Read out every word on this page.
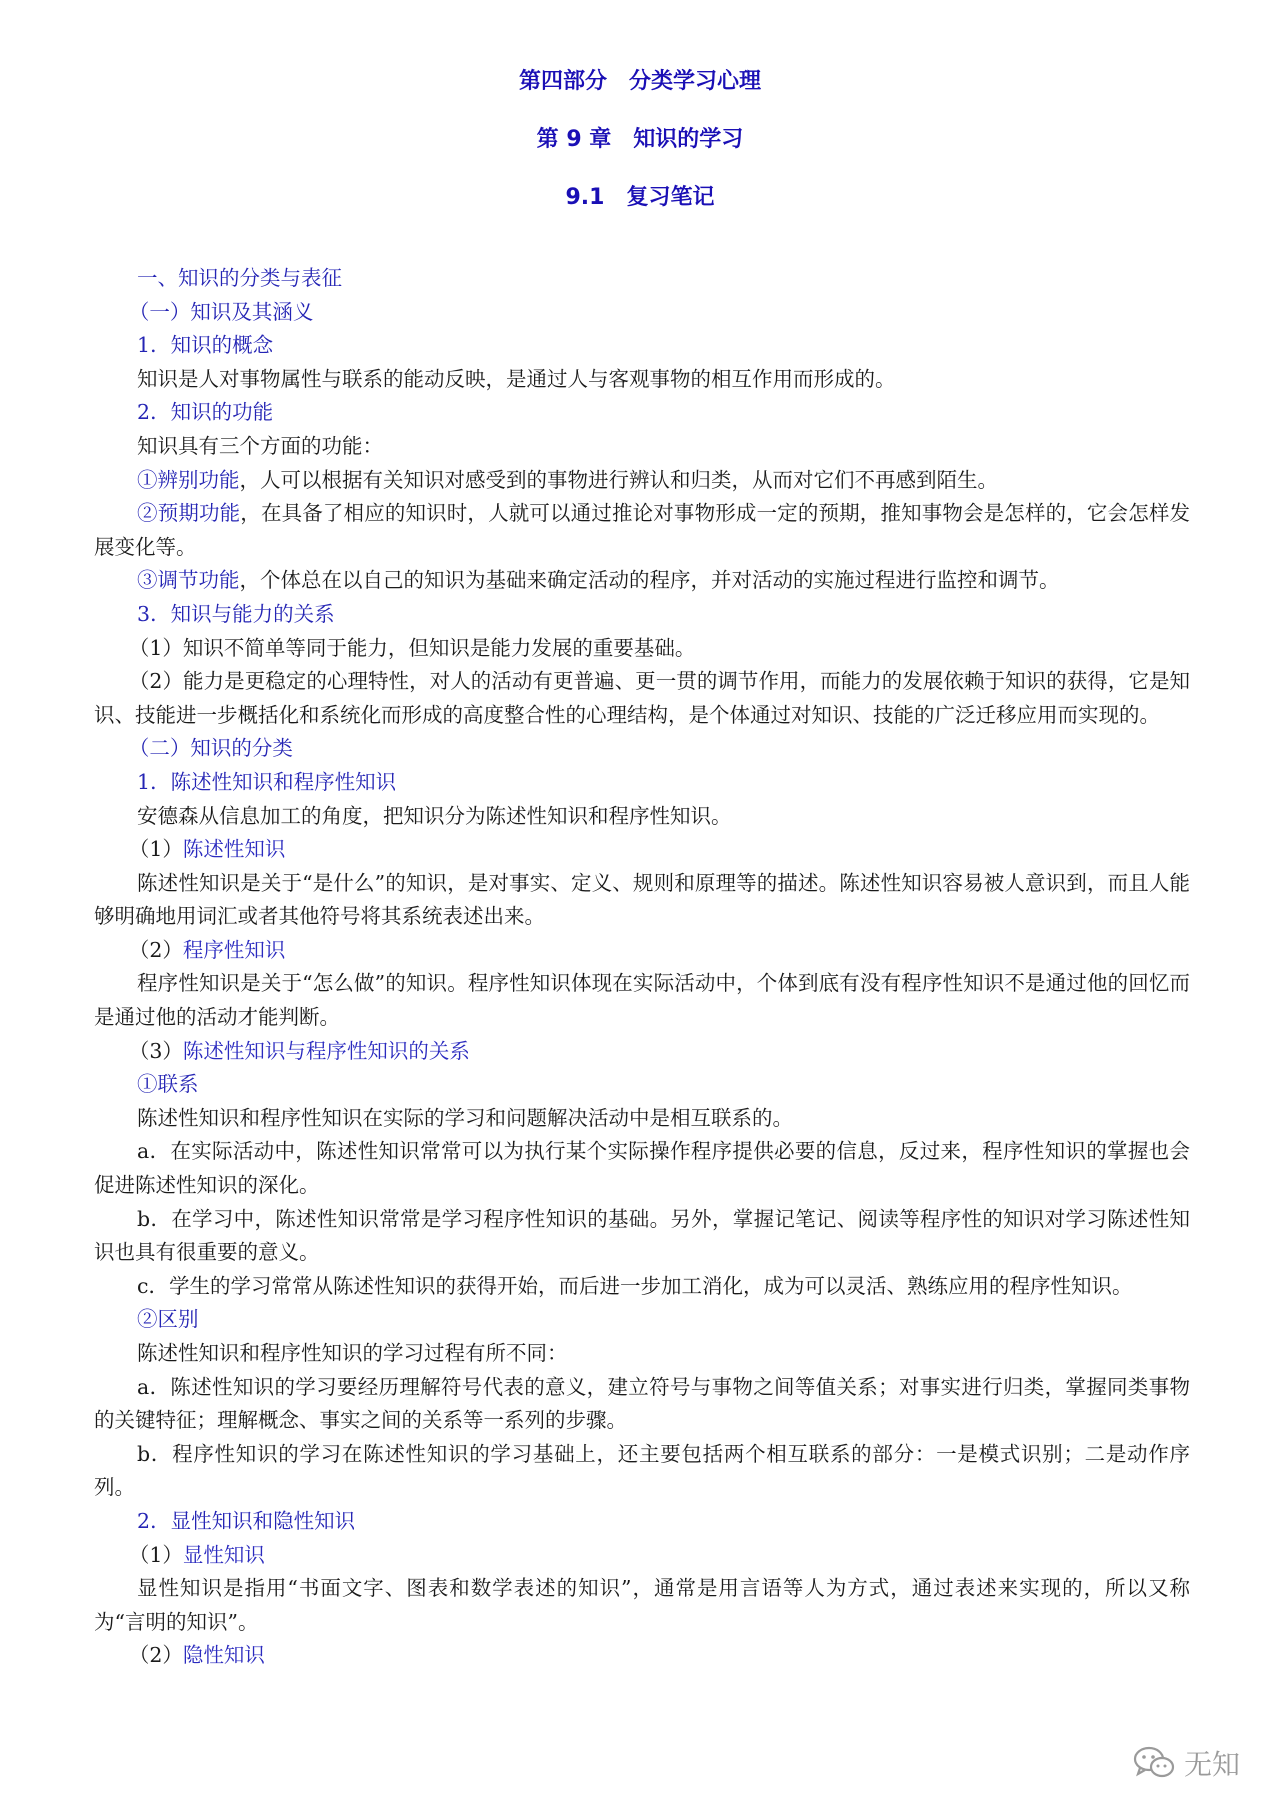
第四部分　分类学习心理
第 9 章　知识的学习
9.1　复习笔记

一、知识的分类与表征

（一）知识及其涵义

1．知识的概念

知识是人对事物属性与联系的能动反映，是通过人与客观事物的相互作用而形成的。

2．知识的功能

知识具有三个方面的功能：

①辨别功能，人可以根据有关知识对感受到的事物进行辨认和归类，从而对它们不再感到陌生。

②预期功能，在具备了相应的知识时，人就可以通过推论对事物形成一定的预期，推知事物会是怎样的，它会怎样发展变化等。

③调节功能，个体总在以自己的知识为基础来确定活动的程序，并对活动的实施过程进行监控和调节。

3．知识与能力的关系

（1）知识不简单等同于能力，但知识是能力发展的重要基础。

（2）能力是更稳定的心理特性，对人的活动有更普遍、更一贯的调节作用，而能力的发展依赖于知识的获得，它是知识、技能进一步概括化和系统化而形成的高度整合性的心理结构，是个体通过对知识、技能的广泛迁移应用而实现的。

（二）知识的分类

1．陈述性知识和程序性知识

安德森从信息加工的角度，把知识分为陈述性知识和程序性知识。

（1）陈述性知识

陈述性知识是关于“是什么”的知识，是对事实、定义、规则和原理等的描述。陈述性知识容易被人意识到，而且人能够明确地用词汇或者其他符号将其系统表述出来。

（2）程序性知识

程序性知识是关于“怎么做”的知识。程序性知识体现在实际活动中，个体到底有没有程序性知识不是通过他的回忆而是通过他的活动才能判断。

（3）陈述性知识与程序性知识的关系

①联系

陈述性知识和程序性知识在实际的学习和问题解决活动中是相互联系的。

a．在实际活动中，陈述性知识常常可以为执行某个实际操作程序提供必要的信息，反过来，程序性知识的掌握也会促进陈述性知识的深化。

b．在学习中，陈述性知识常常是学习程序性知识的基础。另外，掌握记笔记、阅读等程序性的知识对学习陈述性知识也具有很重要的意义。

c．学生的学习常常从陈述性知识的获得开始，而后进一步加工消化，成为可以灵活、熟练应用的程序性知识。

②区别

陈述性知识和程序性知识的学习过程有所不同：

a．陈述性知识的学习要经历理解符号代表的意义，建立符号与事物之间等值关系；对事实进行归类，掌握同类事物的关键特征；理解概念、事实之间的关系等一系列的步骤。

b．程序性知识的学习在陈述性知识的学习基础上，还主要包括两个相互联系的部分：一是模式识别；二是动作序列。

2．显性知识和隐性知识

（1）显性知识

显性知识是指用“书面文字、图表和数学表述的知识”，通常是用言语等人为方式，通过表述来实现的，所以又称为“言明的知识”。

（2）隐性知识

无知
